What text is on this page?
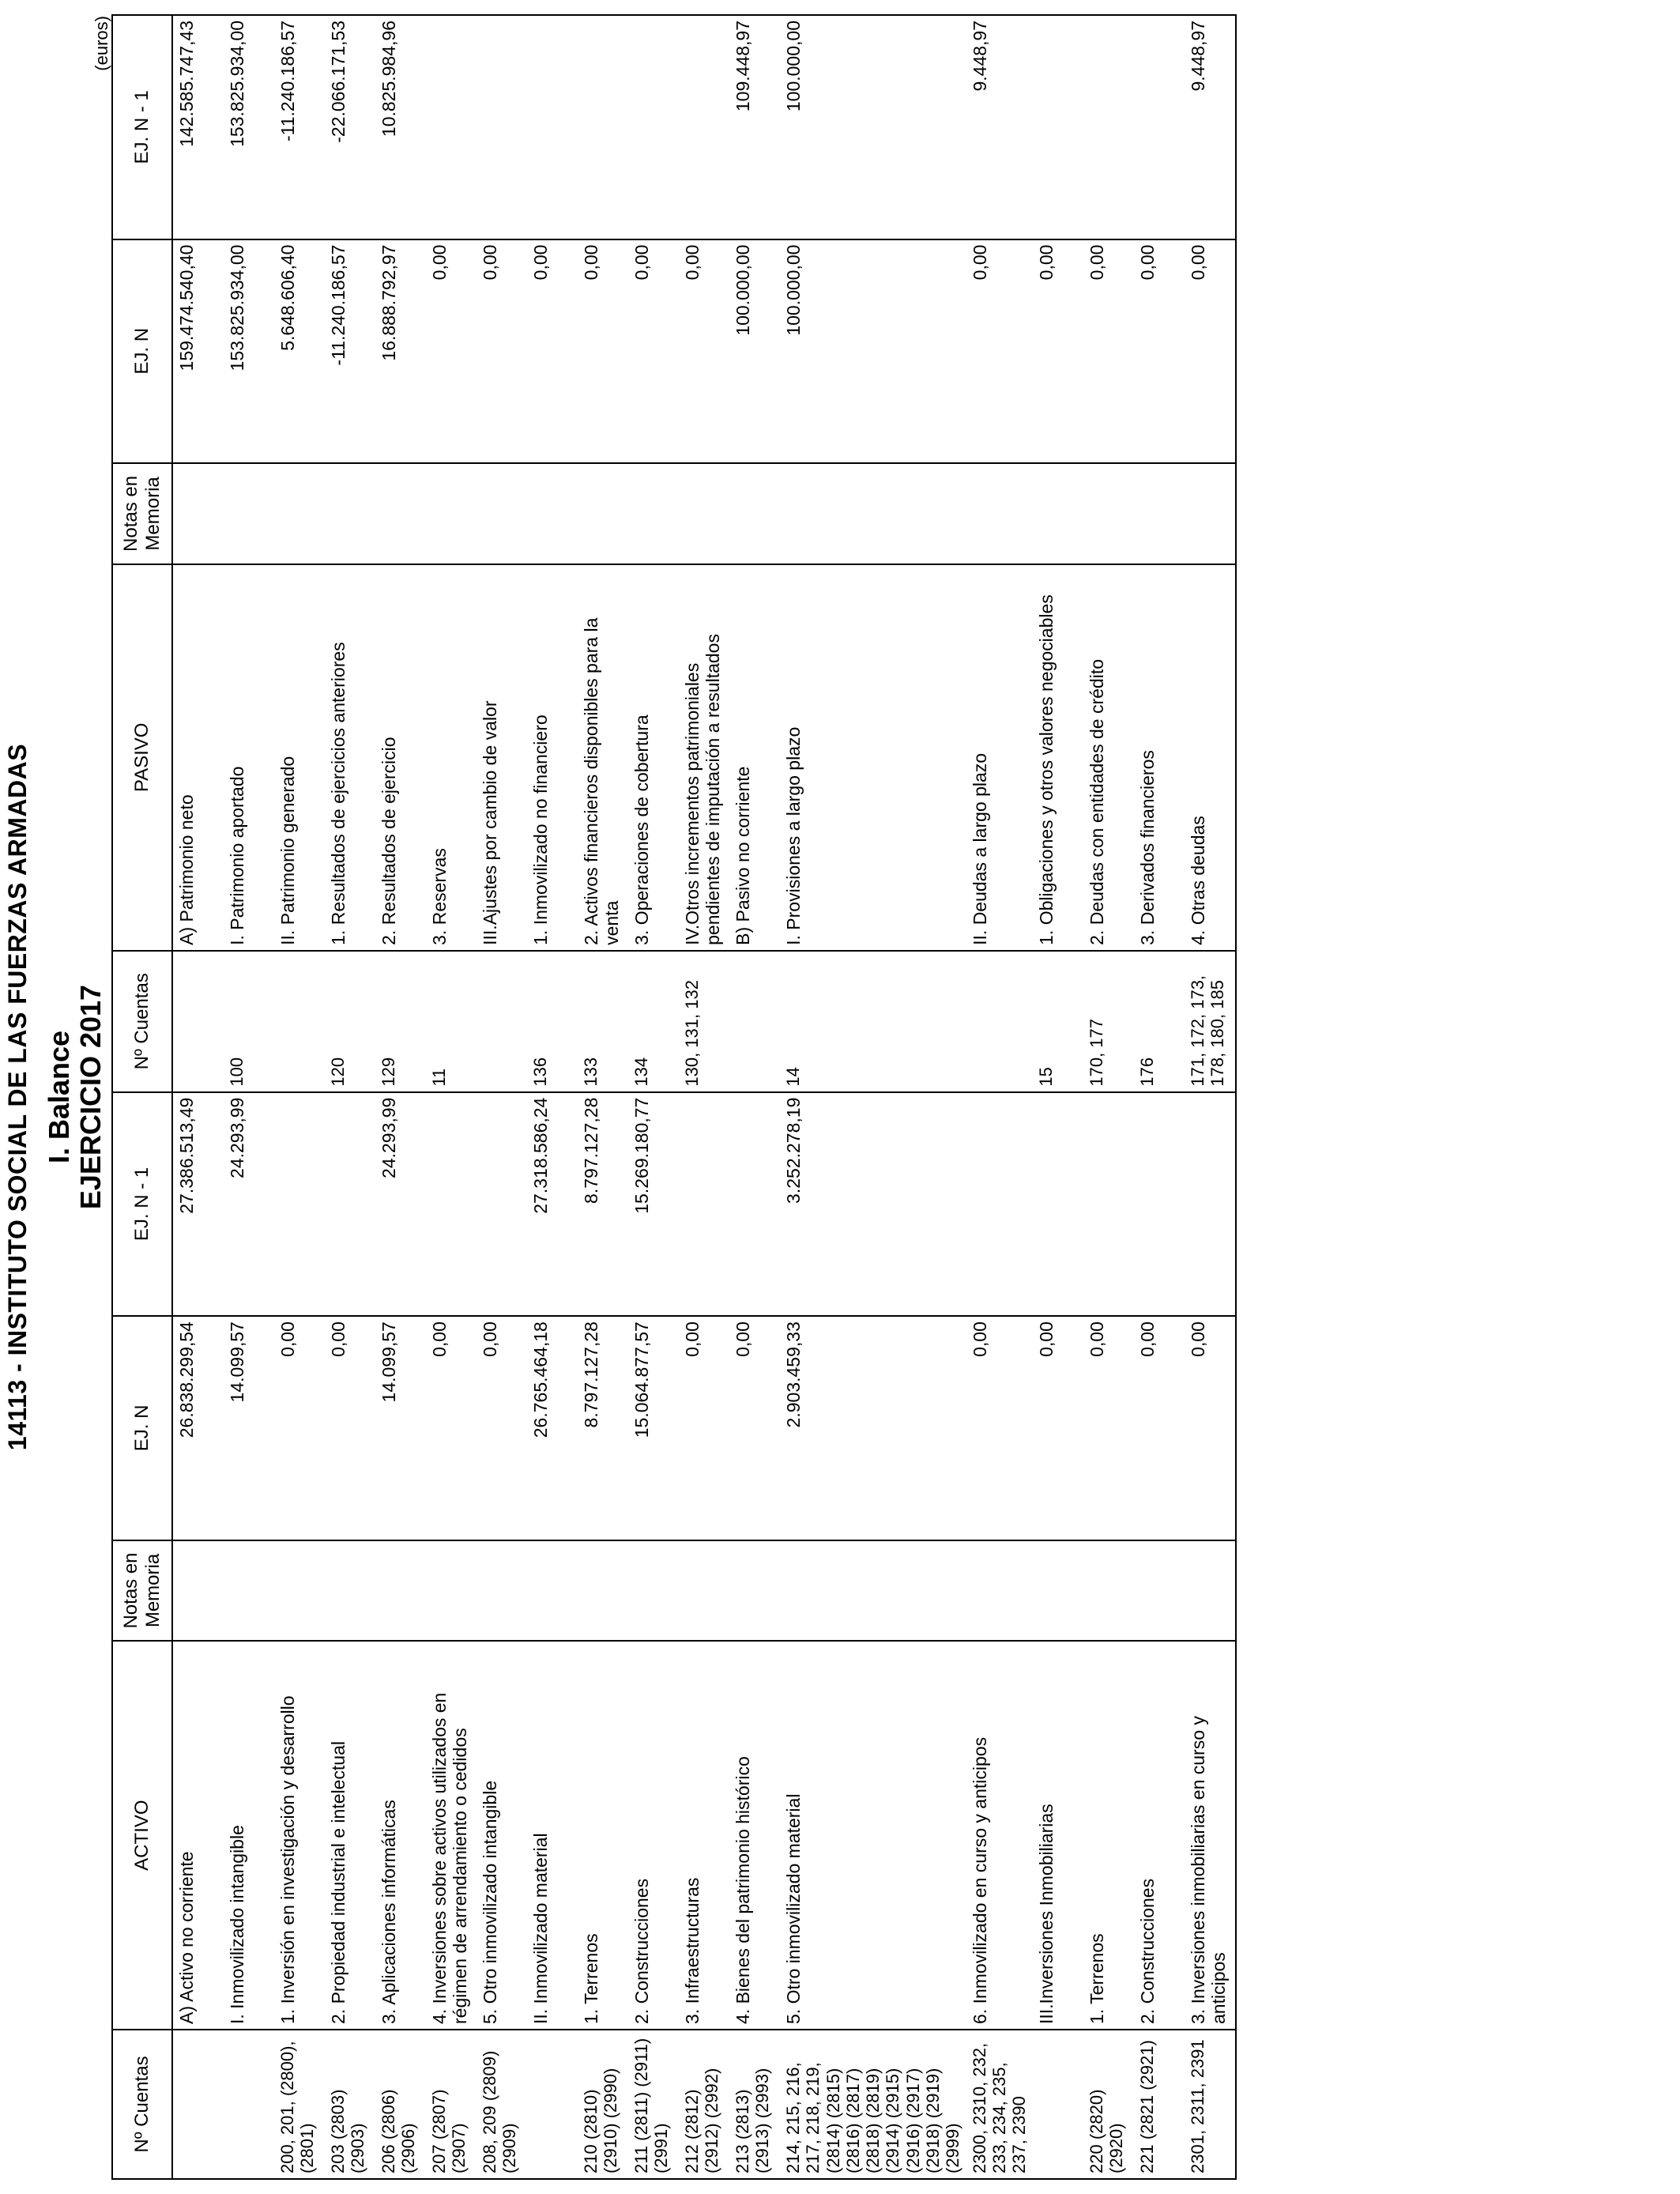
14113 - INSTITUTO SOCIAL DE LAS FUERZAS ARMADAS I. Balance EJERCICIO 2017
(euros)
Nº Cuentas	ACTIVO	Notas en Memoria	EJ. N	EJ. N - 1	Nº Cuentas	PASIVO	Notas en Memoria	EJ. N	EJ. N - 1
	A) Activo no corriente		26.838.299,54	27.386.513,49		A) Patrimonio neto		159.474.540,40	142.585.747,43
	I. Inmovilizado intangible		14.099,57	24.293,99	100	I. Patrimonio aportado		153.825.934,00	153.825.934,00
200, 201, (2800), (2801)	1. Inversión en investigación y desarrollo		0,00			II. Patrimonio generado		5.648.606,40	-11.240.186,57
203 (2803) (2903)	2. Propiedad industrial e intelectual		0,00		120	1. Resultados de ejercicios anteriores		-11.240.186,57	-22.066.171,53
206 (2806) (2906)	3. Aplicaciones informáticas		14.099,57	24.293,99	129	2. Resultados de ejercicio		16.888.792,97	10.825.984,96
207 (2807) (2907)	4. Inversiones sobre activos utilizados en régimen de arrendamiento o cedidos		0,00		11	3. Reservas		0,00	
208, 209 (2809) (2909)	5. Otro inmovilizado intangible		0,00			III.Ajustes por cambio de valor		0,00	
	II. Inmovilizado material		26.765.464,18	27.318.586,24	136	1. Inmovilizado no financiero		0,00	
210 (2810) (2910) (2990)	1. Terrenos		8.797.127,28	8.797.127,28	133	2. Activos financieros disponibles para la venta		0,00	
211 (2811) (2911) (2991)	2. Construcciones		15.064.877,57	15.269.180,77	134	3. Operaciones de cobertura		0,00	
212 (2812) (2912) (2992)	3. Infraestructuras		0,00		130, 131, 132	IV.Otros incrementos patrimoniales pendientes de imputación a resultados		0,00	
213 (2813) (2913) (2993)	4. Bienes del patrimonio histórico		0,00			B) Pasivo no corriente		100.000,00	109.448,97
214, 215, 216, 217, 218, 219, (2814) (2815) (2816) (2817) (2818) (2819) (2914) (2915) (2916) (2917) (2918) (2919) (2999)	5. Otro inmovilizado material		2.903.459,33	3.252.278,19	14	I. Provisiones a largo plazo		100.000,00	100.000,00
2300, 2310, 232, 233, 234, 235, 237, 2390	6. Inmovilizado en curso y anticipos		0,00			II. Deudas a largo plazo		0,00	9.448,97
	III.Inversiones Inmobiliarias		0,00		15	1. Obligaciones y otros valores negociables		0,00	
220 (2820) (2920)	1. Terrenos		0,00		170, 177	2. Deudas con entidades de crédito		0,00	
221 (2821 (2921)	2. Construcciones		0,00		176	3. Derivados financieros		0,00	
2301, 2311, 2391	3. Inversiones inmobiliarias en curso y anticipos		0,00		171, 172, 173, 178, 180, 185	4. Otras deudas		0,00	9.448,97
